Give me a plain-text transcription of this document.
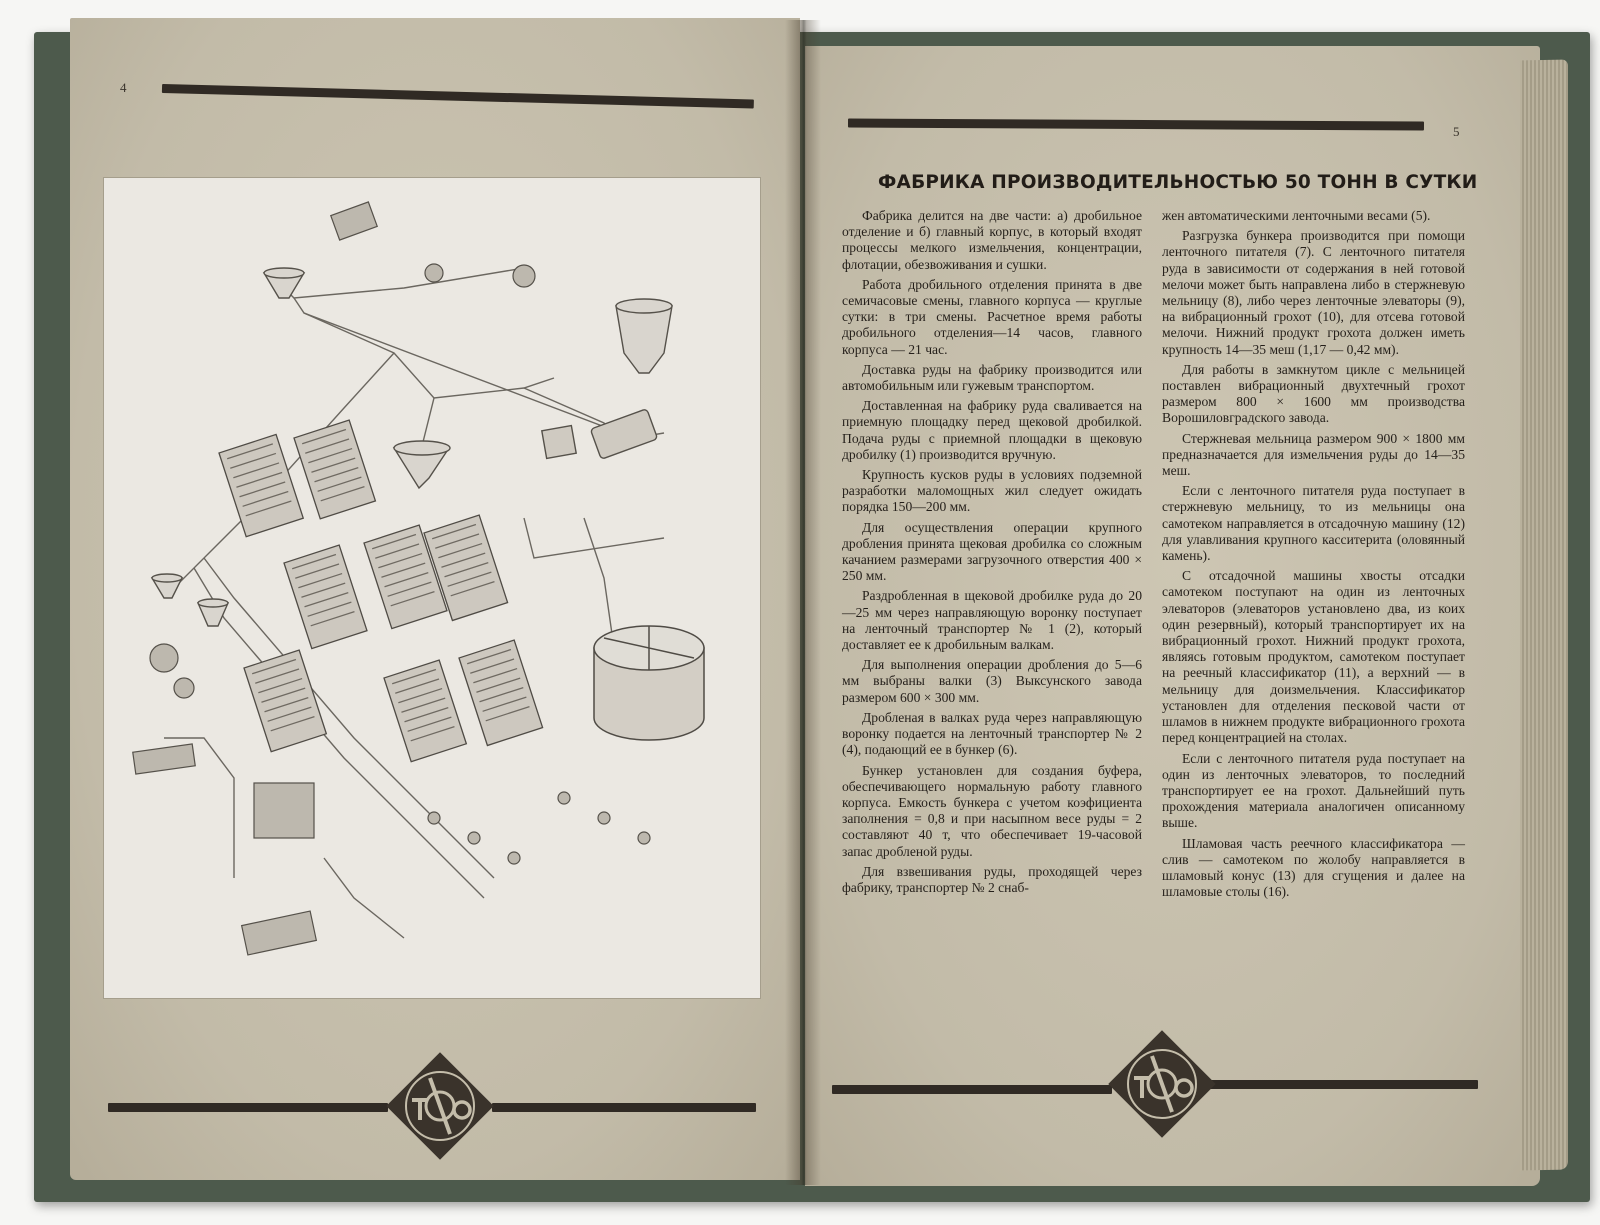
4
5
ФАБРИКА ПРОИЗВОДИТЕЛЬНОСТЬЮ 50 ТОНН В СУТКИ

Фабрика делится на две части: а) дробильное отделение и б) главный корпус, в который входят процессы мелкого измельчения, концентрации, флотации, обезвоживания и сушки.

Работа дробильного отделения принята в две семичасовые смены, главного корпуса — круглые сутки: в три смены. Расчетное время работы дробильного отделения—14 часов, главного корпуса — 21 час.

Доставка руды на фабрику производится или автомобильным или гужевым транспортом.

Доставленная на фабрику руда сваливается на приемную площадку перед щековой дробилкой. Подача руды с приемной площадки в щековую дробилку (1) производится вручную.

Крупность кусков руды в условиях подземной разработки маломощных жил следует ожидать порядка 150—200 мм.

Для осуществления операции крупного дробления принята щековая дробилка со сложным качанием размерами загрузочного отверстия 400 × 250 мм.

Раздробленная в щековой дробилке руда до 20—25 мм через направляющую воронку поступает на ленточный транспортер № 1 (2), который доставляет ее к дробильным валкам.

Для выполнения операции дробления до 5—6 мм выбраны валки (3) Выксунского завода размером 600 × 300 мм.

Дробленая в валках руда через направляющую воронку подается на ленточный транспортер № 2 (4), подающий ее в бункер (6).

Бункер установлен для создания буфера, обеспечивающего нормальную работу главного корпуса. Емкость бункера с учетом коэфициента заполнения = 0,8 и при насыпном весе руды = 2 составляют 40 т, что обеспечивает 19-часовой запас дробленой руды.

Для взвешивания руды, проходящей через фабрику, транспортер № 2 снаб-

жен автоматическими ленточными весами (5).

Разгрузка бункера производится при помощи ленточного питателя (7). С ленточного питателя руда в зависимости от содержания в ней готовой мелочи может быть направлена либо в стержневую мельницу (8), либо через ленточные элеваторы (9), на вибрационный грохот (10), для отсева готовой мелочи. Нижний продукт грохота должен иметь крупность 14—35 меш (1,17 — 0,42 мм).

Для работы в замкнутом цикле с мельницей поставлен вибрационный двухтечный грохот размером 800 × 1600 мм производства Ворошиловградского завода.

Стержневая мельница размером 900 × 1800 мм предназначается для измельчения руды до 14—35 меш.

Если с ленточного питателя руда поступает в стержневую мельницу, то из мельницы она самотеком направляется в отсадочную машину (12) для улавливания крупного касситерита (оловянный камень).

С отсадочной машины хвосты отсадки самотеком поступают на один из ленточных элеваторов (элеваторов установлено два, из коих один резервный), который транспортирует их на вибрационный грохот. Нижний продукт грохота, являясь готовым продуктом, самотеком поступает на реечный классификатор (11), а верхний — в мельницу для доизмельчения. Классификатор установлен для отделения песковой части от шламов в нижнем продукте вибрационного грохота перед концентрацией на столах.

Если с ленточного питателя руда поступает на один из ленточных элеваторов, то последний транспортирует ее на грохот. Дальнейший путь прохождения материала аналогичен описанному выше.

Шламовая часть реечного классификатора — слив — самотеком по жолобу направляется в шламовый конус (13) для сгущения и далее на шламовые столы (16).
